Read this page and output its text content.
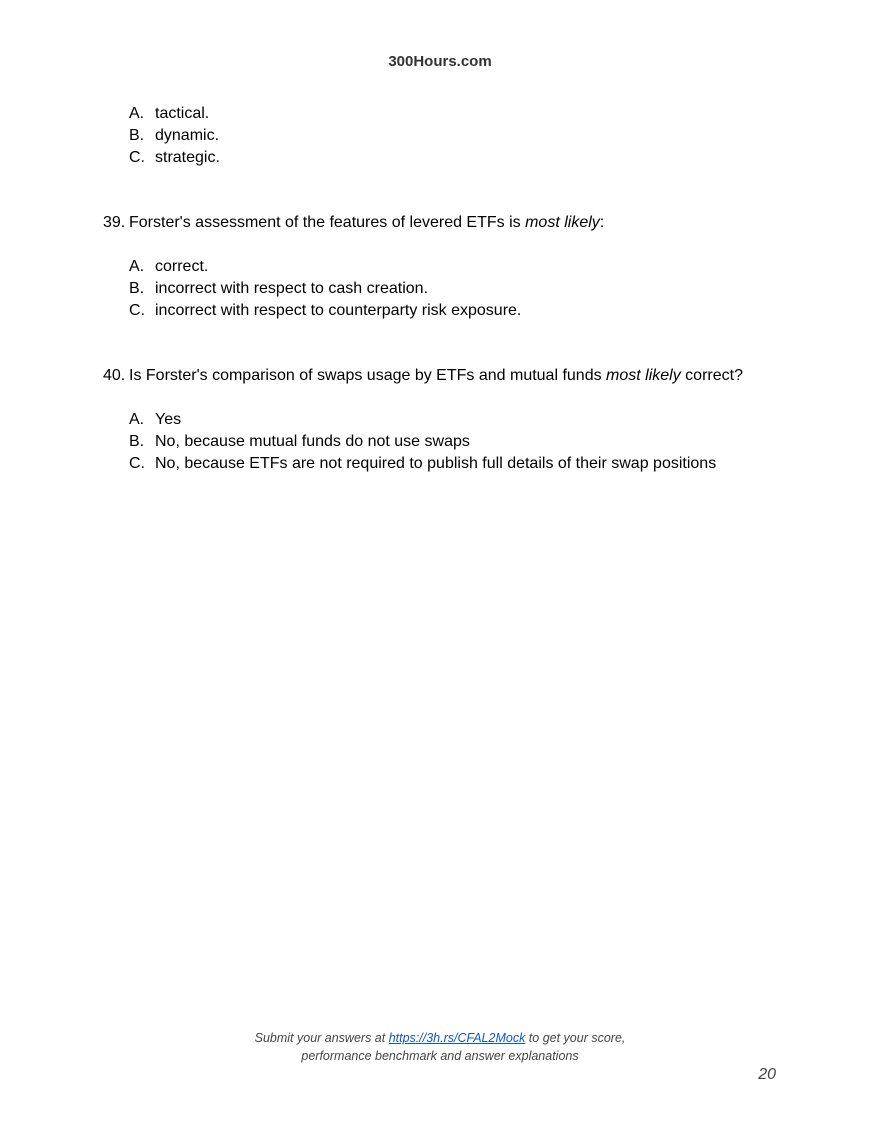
300Hours.com
A. tactical.
B. dynamic.
C. strategic.
39. Forster's assessment of the features of levered ETFs is most likely:
A. correct.
B. incorrect with respect to cash creation.
C. incorrect with respect to counterparty risk exposure.
40. Is Forster's comparison of swaps usage by ETFs and mutual funds most likely correct?
A. Yes
B. No, because mutual funds do not use swaps
C. No, because ETFs are not required to publish full details of their swap positions
Submit your answers at https://3h.rs/CFAL2Mock to get your score,
performance benchmark and answer explanations
20
